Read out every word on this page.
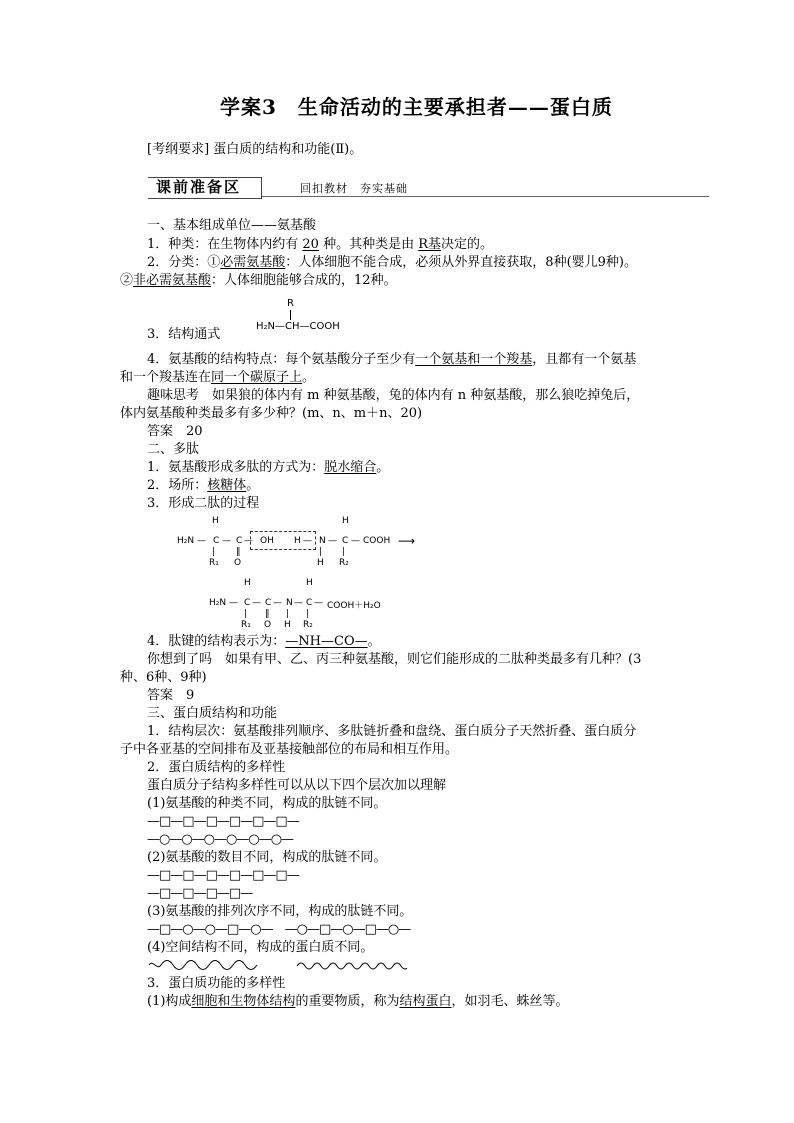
学案3　生命活动的主要承担者——蛋白质
[考纲要求] 蛋白质的结构和功能(Ⅱ)。
课前准备区	回扣教材　夯实基础
一、基本组成单位——氨基酸
1．种类：在生物体内约有 20 种。其种类是由 R基决定的。
2．分类：①必需氨基酸：人体细胞不能合成，必须从外界直接获取，8种(婴儿9种)。
②非必需氨基酸：人体细胞能够合成的，12种。
3．结构通式
R
H₂N—CH—COOH
4．氨基酸的结构特点：每个氨基酸分子至少有一个氨基和一个羧基，且都有一个氨基
和一个羧基连在同一个碳原子上。
趣味思考　如果狼的体内有 m 种氨基酸，兔的体内有 n 种氨基酸，那么狼吃掉兔后，
体内氨基酸种类最多有多少种？(m、n、m＋n、20)
答案　20
二、多肽
1．氨基酸形成多肽的方式为：脱水缩合。
2．场所：核糖体。
3．形成二肽的过程
H	H
H₂N — C — C — OH H — N — C — COOH ⟶
| ‖	| |
R₁ O	H R₂
H	H
H₂N — C — C — N — C — COOH＋H₂O
| ‖ | |
R₁ O H R₂
4．肽键的结构表示为：—NH—CO—。
你想到了吗　如果有甲、乙、丙三种氨基酸，则它们能形成的二肽种类最多有几种？(3
种、6种、9种)
答案　9
三、蛋白质结构和功能
1．结构层次：氨基酸排列顺序、多肽链折叠和盘绕、蛋白质分子天然折叠、蛋白质分
子中各亚基的空间排布及亚基接触部位的布局和相互作用。
2．蛋白质结构的多样性
蛋白质分子结构多样性可以从以下四个层次加以理解
(1)氨基酸的种类不同，构成的肽链不同。
—□—□—□—□—□—□—
—○—○—○—○—○—○—
(2)氨基酸的数目不同，构成的肽链不同。
—□—□—□—□—□—□—
—□—□—□—□—
(3)氨基酸的排列次序不同，构成的肽链不同。
—□—○—○—□—○—　—○—□—○—□—○—
(4)空间结构不同，构成的蛋白质不同。
3．蛋白质功能的多样性
(1)构成细胞和生物体结构的重要物质，称为结构蛋白，如羽毛、蛛丝等。
